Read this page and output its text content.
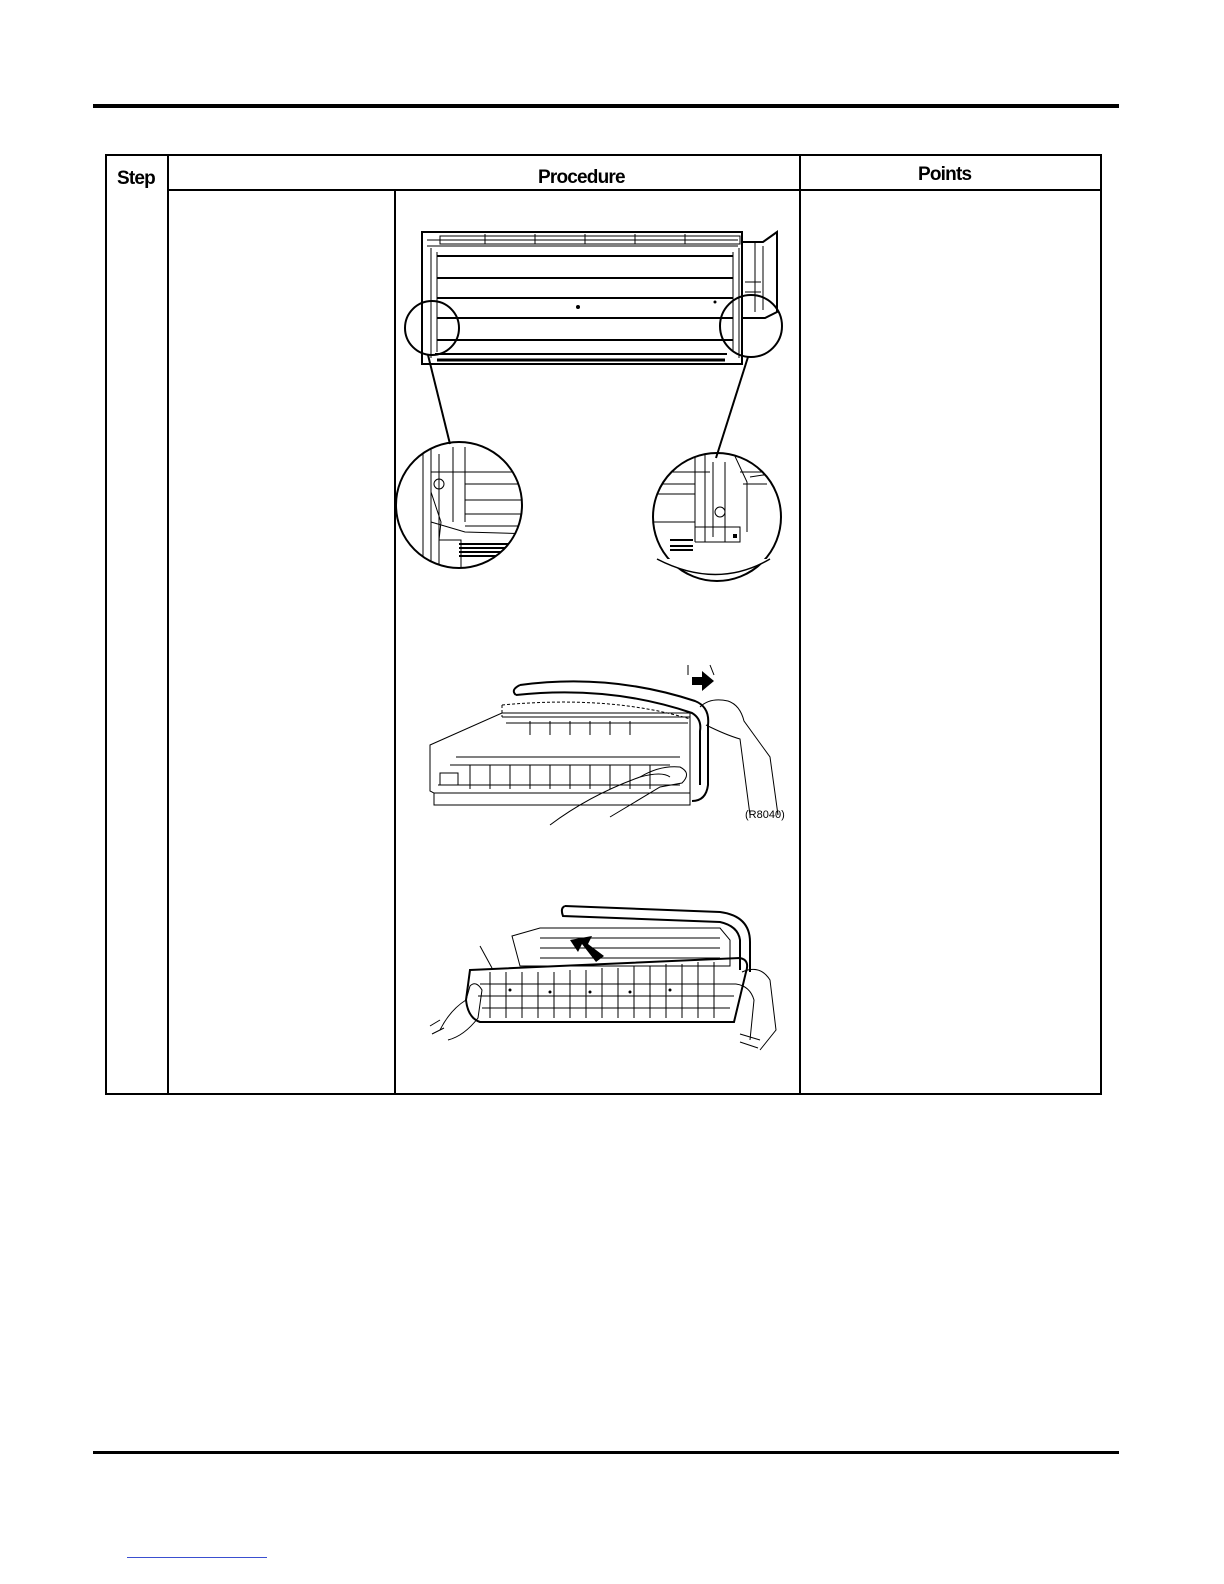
Step	Procedure	Points
(R8040)
